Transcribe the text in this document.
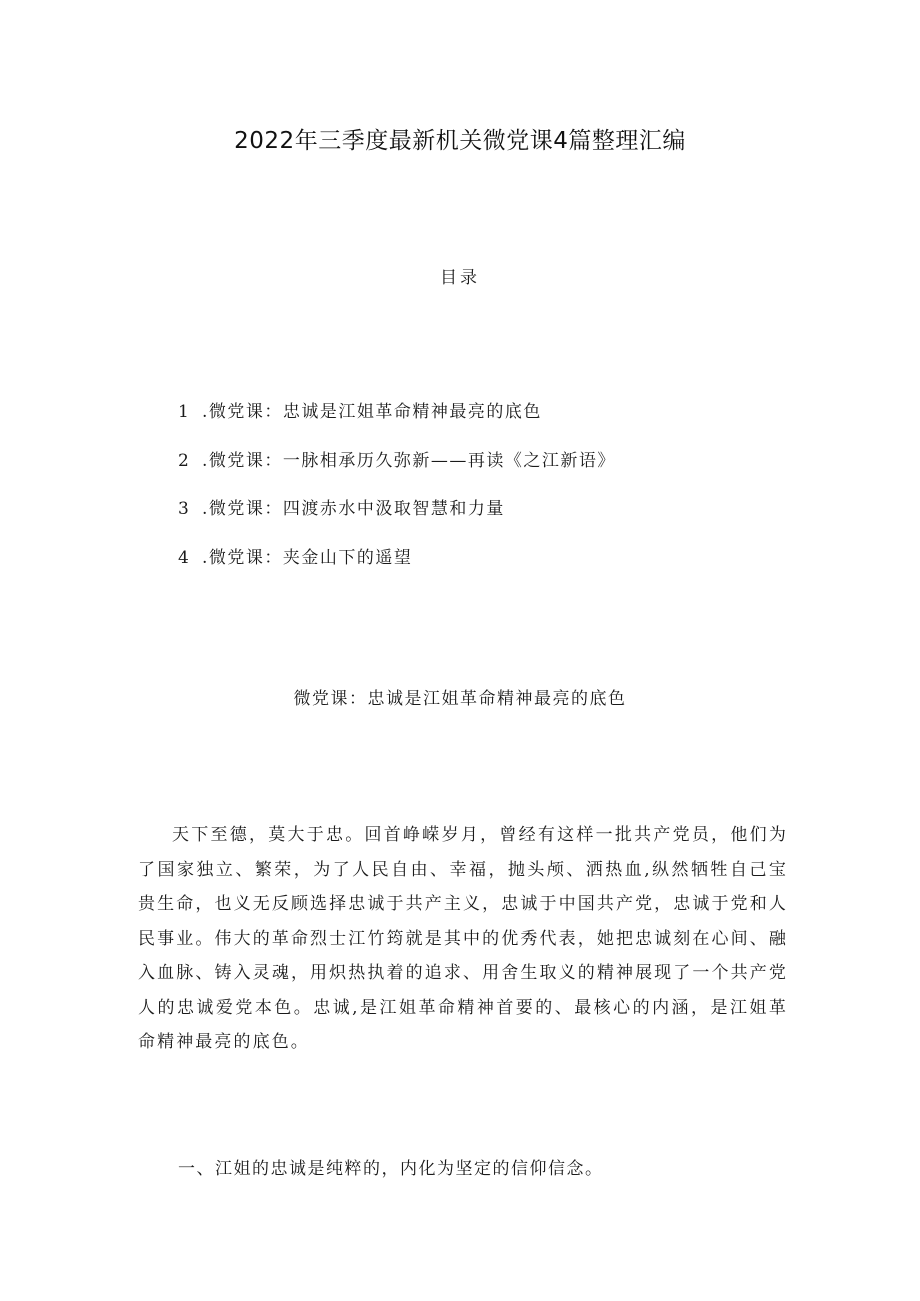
2022年三季度最新机关微党课4篇整理汇编
目录
1 .微党课：忠诚是江姐革命精神最亮的底色
2 .微党课：一脉相承历久弥新——再读《之江新语》
3 .微党课：四渡赤水中汲取智慧和力量
4 .微党课：夹金山下的遥望
微党课：忠诚是江姐革命精神最亮的底色

天下至德，莫大于忠。回首峥嵘岁月，曾经有这样一批共产党员，他们为了国家独立、繁荣，为了人民自由、幸福，抛头颅、洒热血,纵然牺牲自己宝贵生命，也义无反顾选择忠诚于共产主义，忠诚于中国共产党，忠诚于党和人民事业。伟大的革命烈士江竹筠就是其中的优秀代表，她把忠诚刻在心间、融入血脉、铸入灵魂，用炽热执着的追求、用舍生取义的精神展现了一个共产党人的忠诚爱党本色。忠诚,是江姐革命精神首要的、最核心的内涵，是江姐革命精神最亮的底色。

一、江姐的忠诚是纯粹的，内化为坚定的信仰信念。
